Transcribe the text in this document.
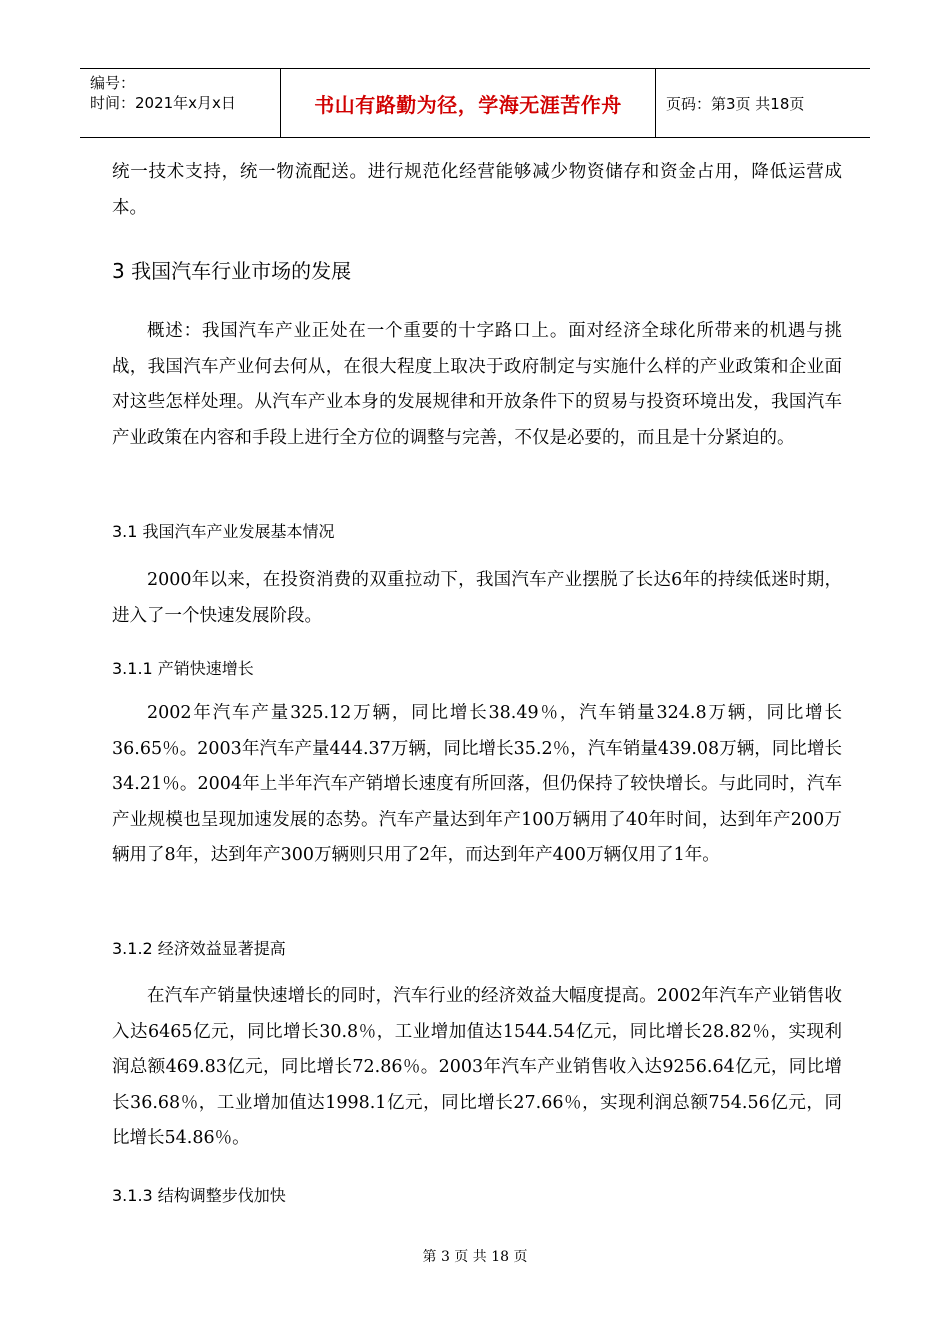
编号：
时间：2021年x月x日	书山有路勤为径，学海无涯苦作舟	页码：第3页 共18页

统一技术支持，统一物流配送。进行规范化经营能够减少物资储存和资金占用，降低运营成本。

3 我国汽车行业市场的发展

概述：我国汽车产业正处在一个重要的十字路口上。面对经济全球化所带来的机遇与挑战，我国汽车产业何去何从，在很大程度上取决于政府制定与实施什么样的产业政策和企业面对这些怎样处理。从汽车产业本身的发展规律和开放条件下的贸易与投资环境出发，我国汽车产业政策在内容和手段上进行全方位的调整与完善，不仅是必要的，而且是十分紧迫的。

3.1 我国汽车产业发展基本情况

2000年以来，在投资消费的双重拉动下，我国汽车产业摆脱了长达6年的持续低迷时期，进入了一个快速发展阶段。

3.1.1 产销快速增长

2002年汽车产量325.12万辆，同比增长38.49％，汽车销量324.8万辆，同比增长36.65％。2003年汽车产量444.37万辆，同比增长35.2％，汽车销量439.08万辆，同比增长34.21％。2004年上半年汽车产销增长速度有所回落，但仍保持了较快增长。与此同时，汽车产业规模也呈现加速发展的态势。汽车产量达到年产100万辆用了40年时间，达到年产200万辆用了8年，达到年产300万辆则只用了2年，而达到年产400万辆仅用了1年。

3.1.2 经济效益显著提高

在汽车产销量快速增长的同时，汽车行业的经济效益大幅度提高。2002年汽车产业销售收入达6465亿元，同比增长30.8％，工业增加值达1544.54亿元，同比增长28.82％，实现利润总额469.83亿元，同比增长72.86％。2003年汽车产业销售收入达9256.64亿元，同比增长36.68％，工业增加值达1998.1亿元，同比增长27.66％，实现利润总额754.56亿元，同比增长54.86％。

3.1.3 结构调整步伐加快
第 3 页 共 18 页
